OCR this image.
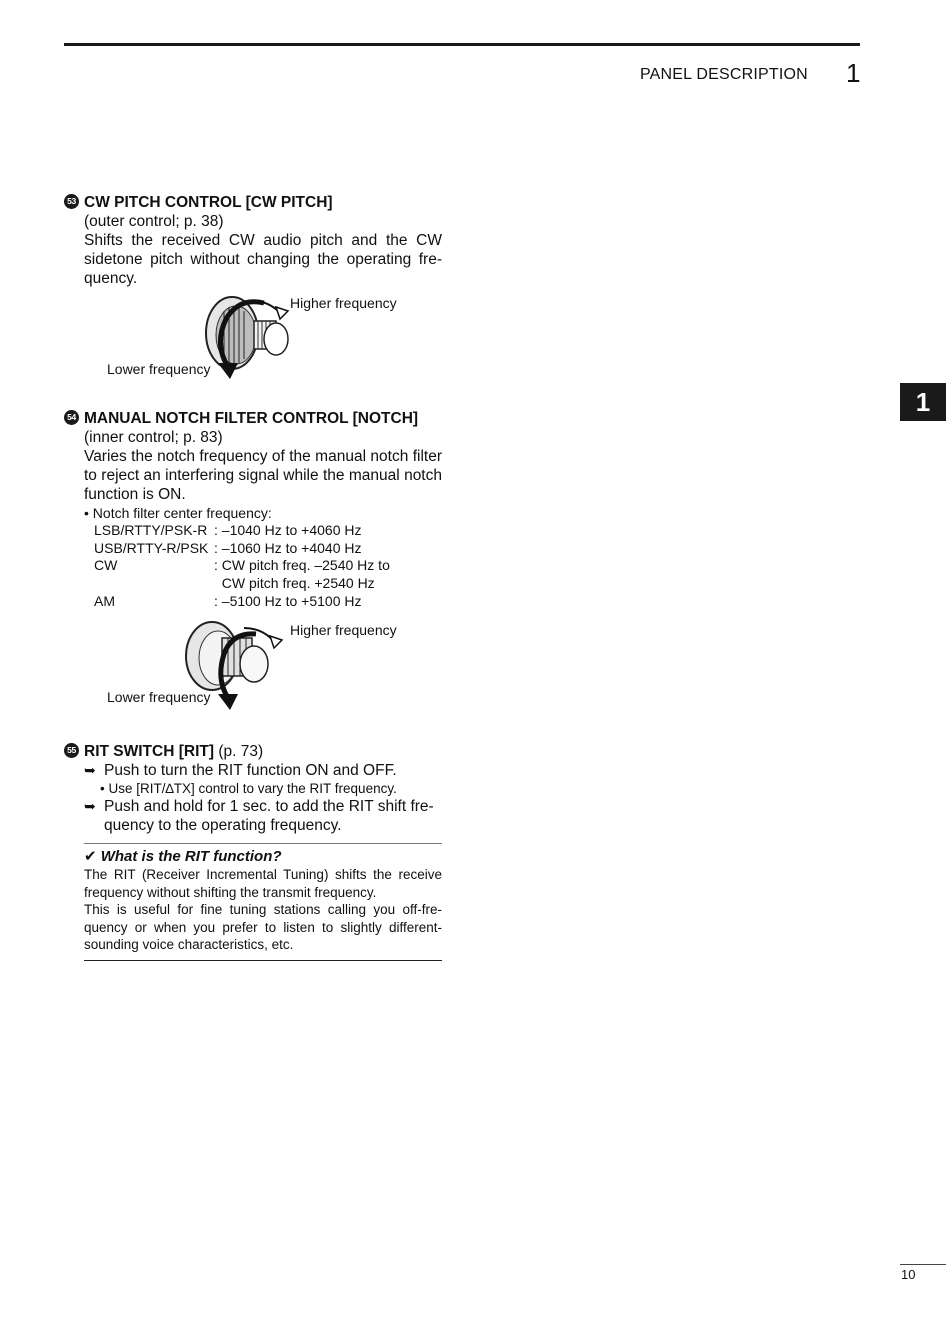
PANEL DESCRIPTION 1
1
53 CW PITCH CONTROL [CW PITCH]
(outer control; p. 38)
Shifts the received CW audio pitch and the CW sidetone pitch without changing the operating fre-quency.
Higher frequency
Lower frequency
54 MANUAL NOTCH FILTER CONTROL [NOTCH]
(inner control; p. 83)
Varies the notch frequency of the manual notch filter to reject an interfering signal while the manual notch function is ON.
• Notch filter center frequency:
LSB/RTTY/PSK-R	: –1040 Hz to +4060 Hz
USB/RTTY-R/PSK	: –1060 Hz to +4040 Hz
CW	: CW pitch freq. –2540 Hz to
	CW pitch freq. +2540 Hz
AM	: –5100 Hz to +5100 Hz
Higher frequency
Lower frequency
55 RIT SWITCH [RIT] (p. 73)
➥ Push to turn the RIT function ON and OFF.
• Use [RIT/∆TX] control to vary the RIT frequency.
➥ Push and hold for 1 sec. to add the RIT shift fre-quency to the operating frequency.
✔ What is the RIT function?
The RIT (Receiver Incremental Tuning) shifts the receive frequency without shifting the transmit frequency.
This is useful for fine tuning stations calling you off-fre-quency or when you prefer to listen to slightly different-sounding voice characteristics, etc.
10
